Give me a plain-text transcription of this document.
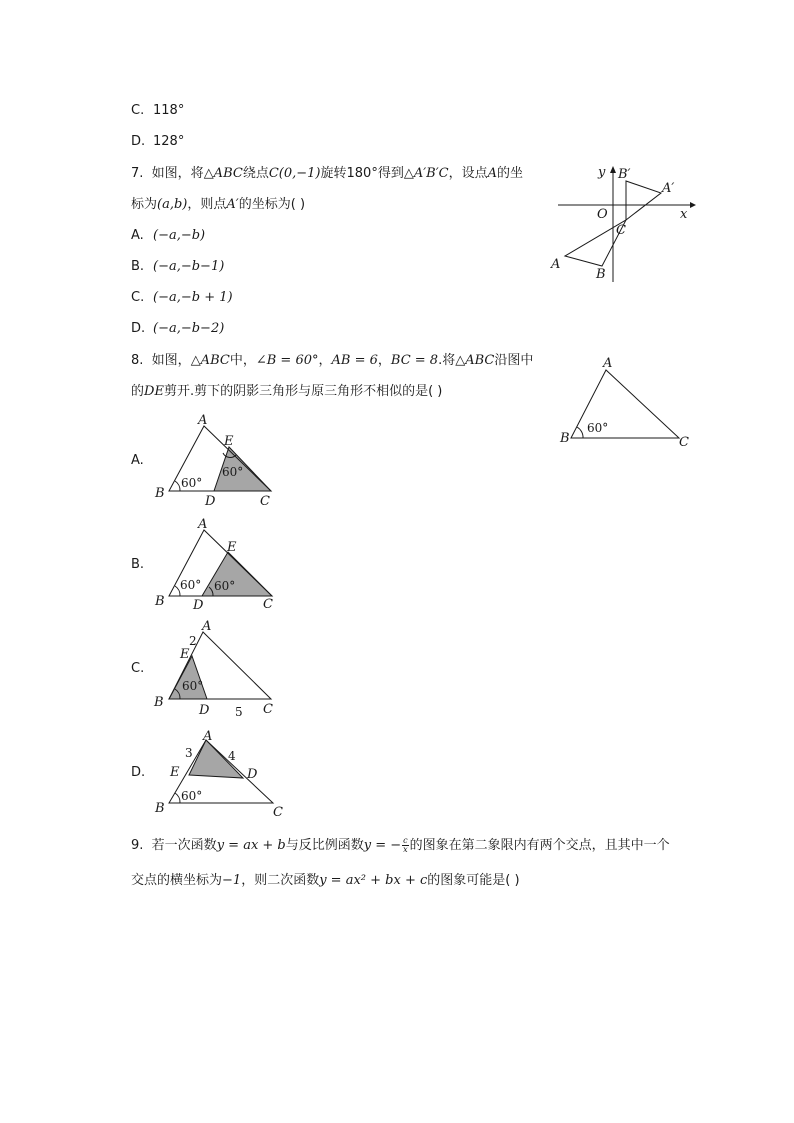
C. 118°
D. 128°
7. 如图，将△ABC绕点C(0,−1)旋转180°得到△A′B′C，设点A的坐
标为(a,b)，则点A′的坐标为( )
A. (−a,−b)
B. (−a,−b−1)
C. (−a,−b + 1)
D. (−a,−b−2)
y B′
A′
x
O
C
A
B
8. 如图，△ABC中，∠B = 60°，AB = 6，BC = 8.将△ABC沿图中
的DE剪开.剪下的阴影三角形与原三角形不相似的是( )
A
B	C
60°
A.
A
E
B
D	C
60°
60°
B.
A
E
B D	C
60° 60°
C.
A
2
E
B
D 5 C
60°
D.
A
3	4
E	D
B	C
60°
9. 若一次函数y = ax + b与反比例函数y = − $\frac{c}{x}$ 的图象在第二象限内有两个交点，且其中一个
交点的横坐标为−1，则二次函数y = ax² + bx + c的图象可能是( )
